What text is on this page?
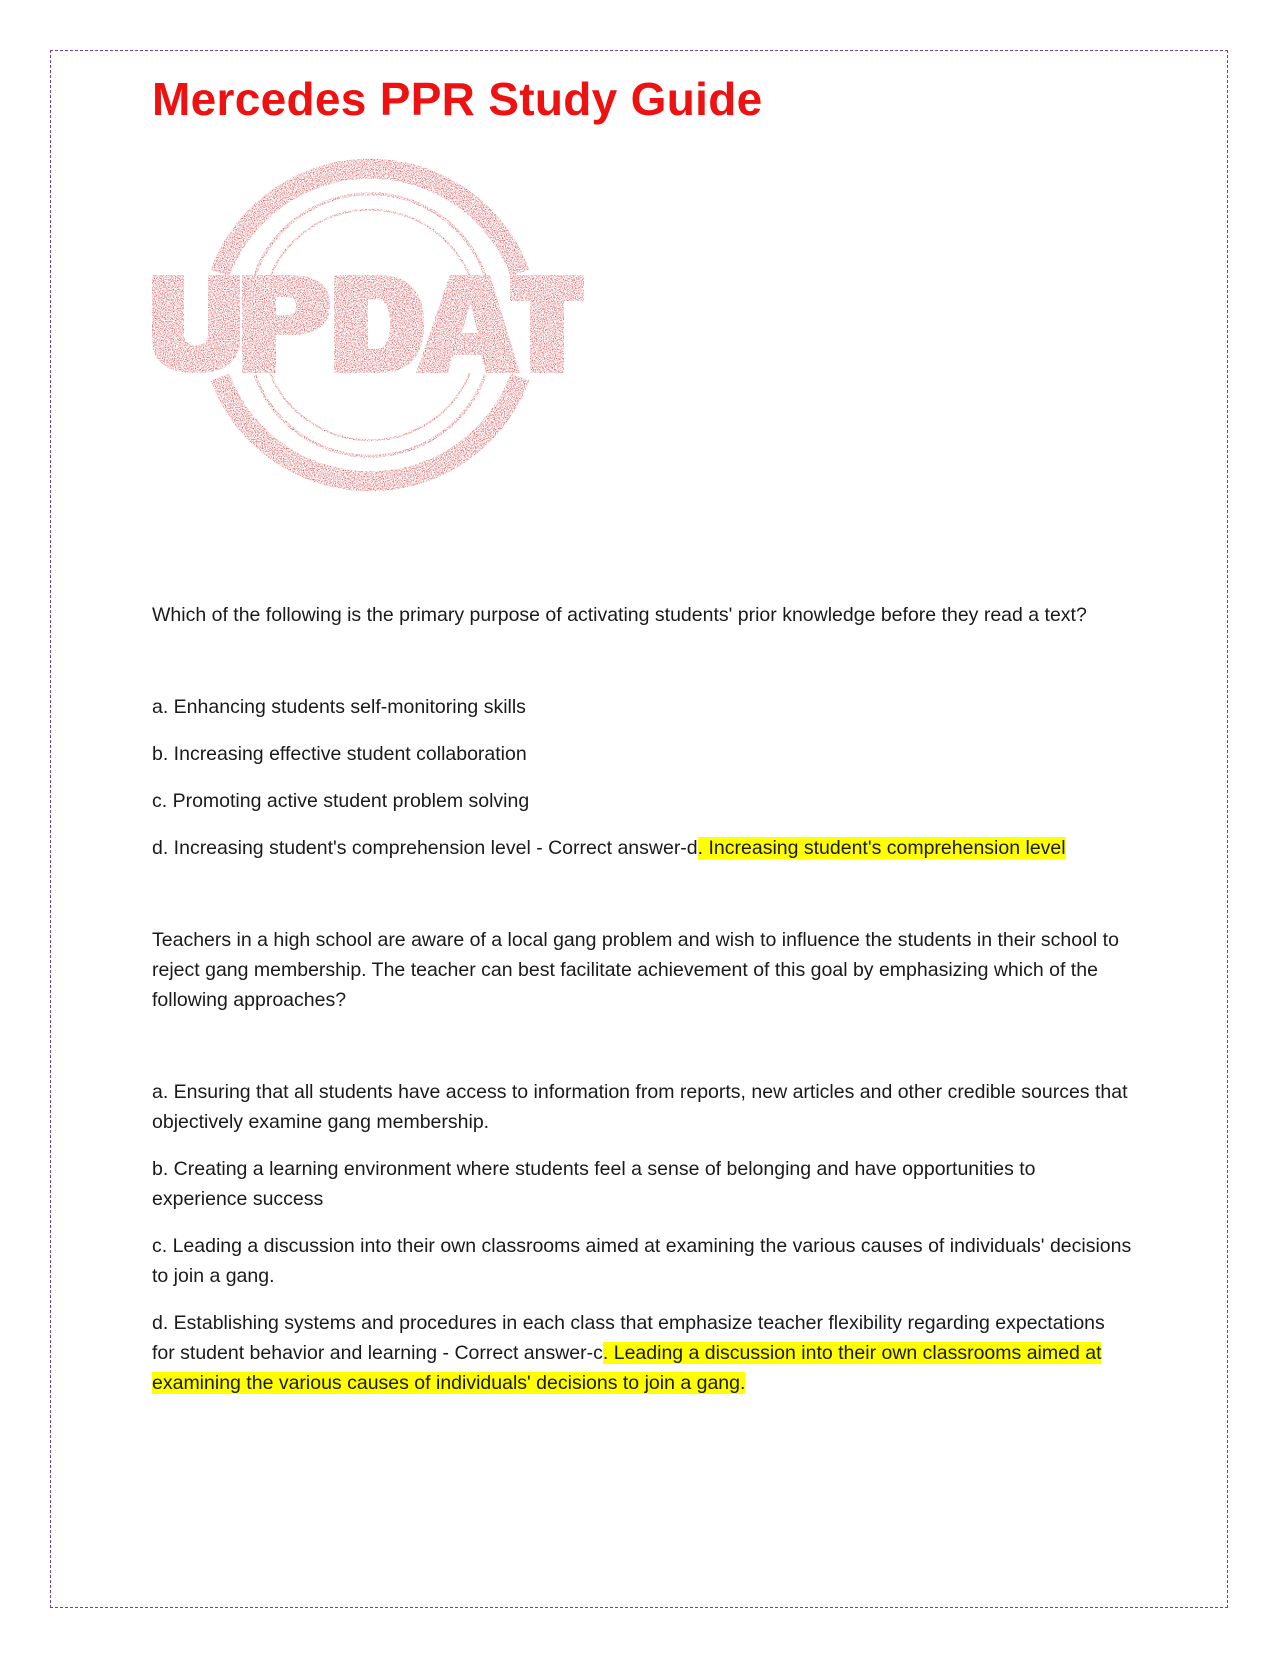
Mercedes PPR Study Guide

Which of the following is the primary purpose of activating students' prior knowledge before they read a text?

a. Enhancing students self-monitoring skills

b. Increasing effective student collaboration

c. Promoting active student problem solving

d. Increasing student's comprehension level - Correct answer-d. Increasing student's comprehension level

Teachers in a high school are aware of a local gang problem and wish to influence the students in their school to reject gang membership. The teacher can best facilitate achievement of this goal by emphasizing which of the following approaches?

a. Ensuring that all students have access to information from reports, new articles and other credible sources that objectively examine gang membership.

b. Creating a learning environment where students feel a sense of belonging and have opportunities to experience success

c. Leading a discussion into their own classrooms aimed at examining the various causes of individuals' decisions to join a gang.

d. Establishing systems and procedures in each class that emphasize teacher flexibility regarding expectations for student behavior and learning - Correct answer-c. Leading a discussion into their own classrooms aimed at examining the various causes of individuals' decisions to join a gang.
